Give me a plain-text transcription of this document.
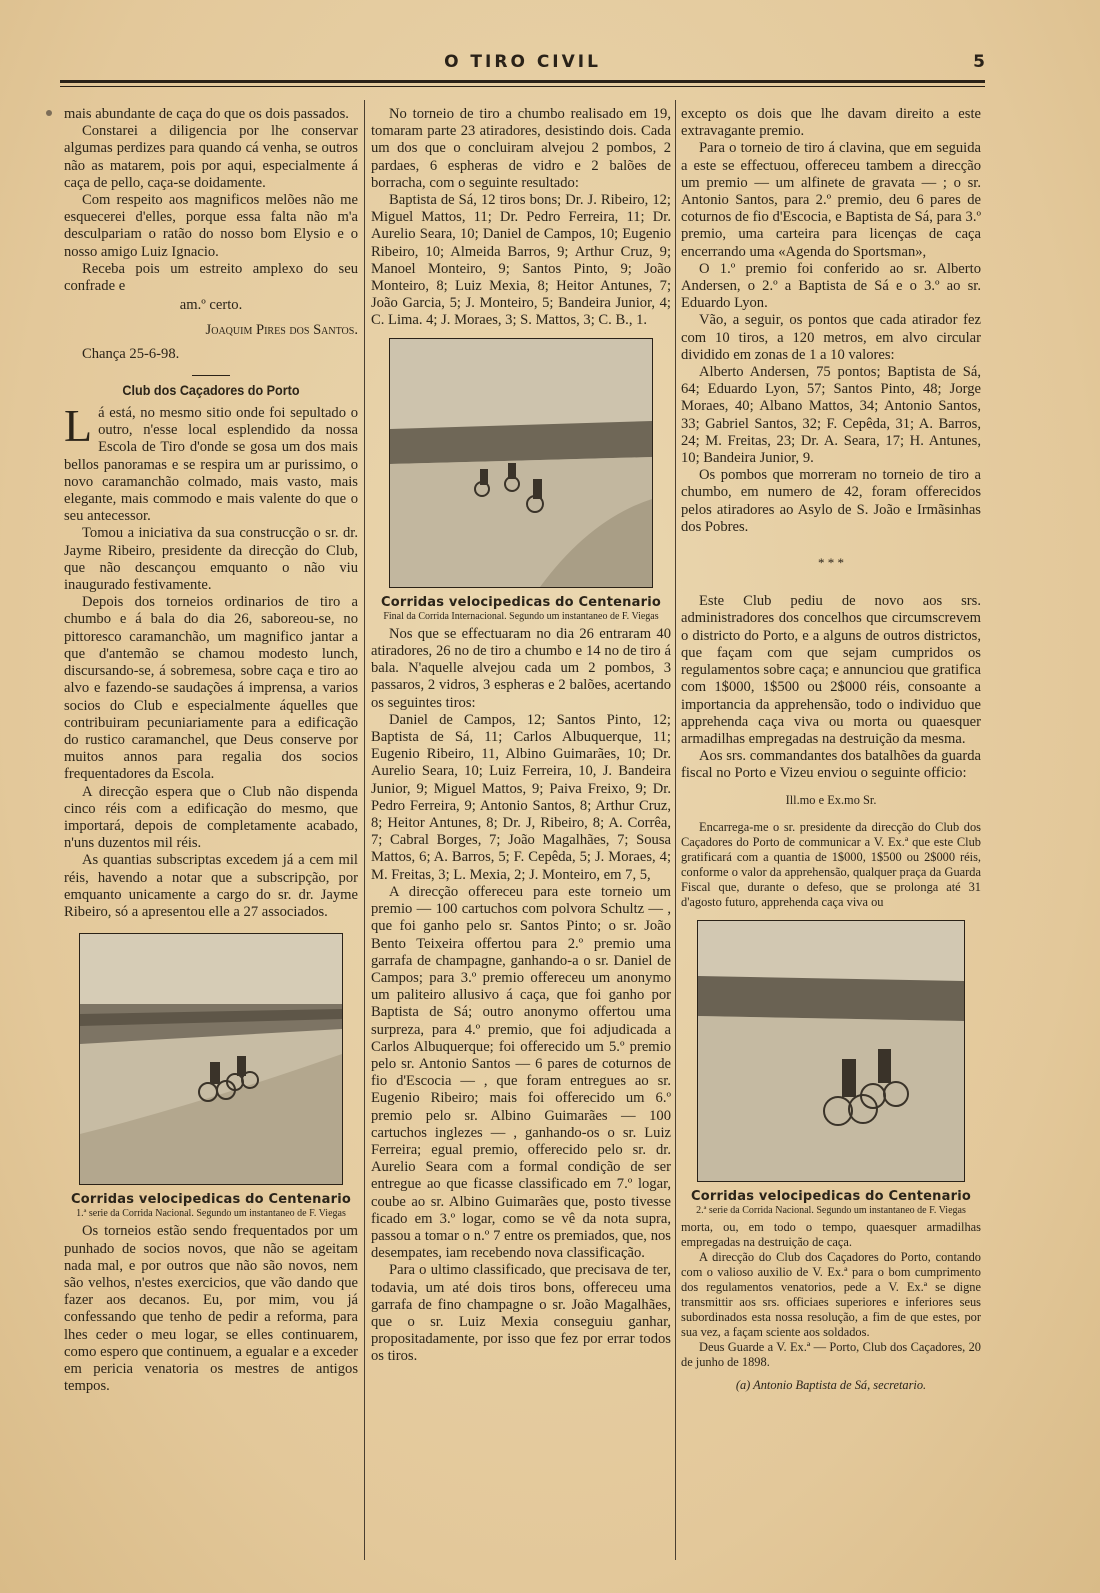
O TIRO CIVIL	5

mais abundante de caça do que os dois passados.

Constarei a diligencia por lhe conservar algumas perdizes para quando cá venha, se outros não as matarem, pois por aqui, especialmente á caça de pello, caça-se doidamente.

Com respeito aos magnificos melões não me esquecerei d'elles, porque essa falta não m'a desculpariam o ratão do nosso bom Elysio e o nosso amigo Luiz Ignacio.

Receba pois um estreito amplexo do seu confrade e

am.º certo.

Joaquim Pires dos Santos.

Chança 25-6-98.

Club dos Caçadores do Porto

Lá está, no mesmo sitio onde foi sepultado o outro, n'esse local esplendido da nossa Escola de Tiro d'onde se gosa um dos mais bellos panoramas e se respira um ar purissimo, o novo caramanchão colmado, mais vasto, mais elegante, mais commodo e mais valente do que o seu antecessor.

Tomou a iniciativa da sua construcção o sr. dr. Jayme Ribeiro, presidente da direcção do Club, que não descançou emquanto o não viu inaugurado festivamente.

Depois dos torneios ordinarios de tiro a chumbo e á bala do dia 26, saboreou-se, no pittoresco caramanchão, um magnifico jantar a que d'antemão se chamou modesto lunch, discursando-se, á sobremesa, sobre caça e tiro ao alvo e fazendo-se saudações á imprensa, a varios socios do Club e especialmente áquelles que contribuiram pecuniariamente para a edificação do rustico caramanchel, que Deus conserve por muitos annos para regalia dos socios frequentadores da Escola.

A direcção espera que o Club não dispenda cinco réis com a edificação do mesmo, que importará, depois de completamente acabado, n'uns duzentos mil réis.

As quantias subscriptas excedem já a cem mil réis, havendo a notar que a subscripção, por emquanto unicamente a cargo do sr. dr. Jayme Ribeiro, só a apresentou elle a 27 associados.

Corridas velocipedicas do Centenario
1.ª serie da Corrida Nacional. Segundo um instantaneo de F. Viegas

Os torneios estão sendo frequentados por um punhado de socios novos, que não se ageitam nada mal, e por outros que não são novos, nem são velhos, n'estes exercicios, que vão dando que fazer aos decanos. Eu, por mim, vou já confessando que tenho de pedir a reforma, para lhes ceder o meu logar, se elles continuarem, como espero que continuem, a egualar e a exceder em pericia venatoria os mestres de antigos tempos.

No torneio de tiro a chumbo realisado em 19, tomaram parte 23 atiradores, desistindo dois. Cada um dos que o concluiram alvejou 2 pombos, 2 pardaes, 6 espheras de vidro e 2 balões de borracha, com o seguinte resultado:

Baptista de Sá, 12 tiros bons; Dr. J. Ribeiro, 12; Miguel Mattos, 11; Dr. Pedro Ferreira, 11; Dr. Aurelio Seara, 10; Daniel de Campos, 10; Eugenio Ribeiro, 10; Almeida Barros, 9; Arthur Cruz, 9; Manoel Monteiro, 9; Santos Pinto, 9; João Monteiro, 8; Luiz Mexia, 8; Heitor Antunes, 7; João Garcia, 5; J. Monteiro, 5; Bandeira Junior, 4; C. Lima. 4; J. Moraes, 3; S. Mattos, 3; C. B., 1.

Corridas velocipedicas do Centenario
Final da Corrida Internacional. Segundo um instantaneo de F. Viegas

Nos que se effectuaram no dia 26 entraram 40 atiradores, 26 no de tiro a chumbo e 14 no de tiro á bala. N'aquelle alvejou cada um 2 pombos, 3 passaros, 2 vidros, 3 espheras e 2 balões, acertando os seguintes tiros:

Daniel de Campos, 12; Santos Pinto, 12; Baptista de Sá, 11; Carlos Albuquerque, 11; Eugenio Ribeiro, 11, Albino Guimarães, 10; Dr. Aurelio Seara, 10; Luiz Ferreira, 10, J. Bandeira Junior, 9; Miguel Mattos, 9; Paiva Freixo, 9; Dr. Pedro Ferreira, 9; Antonio Santos, 8; Arthur Cruz, 8; Heitor Antunes, 8; Dr. J, Ribeiro, 8; A. Corrêa, 7; Cabral Borges, 7; João Magalhães, 7; Sousa Mattos, 6; A. Barros, 5; F. Cepêda, 5; J. Moraes, 4; M. Freitas, 3; L. Mexia, 2; J. Monteiro, em 7, 5,

A direcção offereceu para este torneio um premio — 100 cartuchos com polvora Schultz — , que foi ganho pelo sr. Santos Pinto; o sr. João Bento Teixeira offertou para 2.º premio uma garrafa de champagne, ganhando-a o sr. Daniel de Campos; para 3.º premio offereceu um anonymo um paliteiro allusivo á caça, que foi ganho por Baptista de Sá; outro anonymo offertou uma surpreza, para 4.º premio, que foi adjudicada a Carlos Albuquerque; foi offerecido um 5.º premio pelo sr. Antonio Santos — 6 pares de coturnos de fio d'Escocia — , que foram entregues ao sr. Eugenio Ribeiro; mais foi offerecido um 6.º premio pelo sr. Albino Guimarães — 100 cartuchos inglezes — , ganhando-os o sr. Luiz Ferreira; egual premio, offerecido pelo sr. dr. Aurelio Seara com a formal condição de ser entregue ao que ficasse classificado em 7.º logar, coube ao sr. Albino Guimarães que, posto tivesse ficado em 3.º logar, como se vê da nota supra, passou a tomar o n.º 7 entre os premiados, que, nos desempates, iam recebendo nova classificação.

Para o ultimo classificado, que precisava de ter, todavia, um até dois tiros bons, offereceu uma garrafa de fino champagne o sr. João Magalhães, que o sr. Luiz Mexia conseguiu ganhar, propositadamente, por isso que fez por errar todos os tiros.

excepto os dois que lhe davam direito a este extravagante premio.

Para o torneio de tiro á clavina, que em seguida a este se effectuou, offereceu tambem a direcção um premio — um alfinete de gravata — ; o sr. Antonio Santos, para 2.º premio, deu 6 pares de coturnos de fio d'Escocia, e Baptista de Sá, para 3.º premio, uma carteira para licenças de caça encerrando uma «Agenda do Sportsman»,

O 1.º premio foi conferido ao sr. Alberto Andersen, o 2.º a Baptista de Sá e o 3.º ao sr. Eduardo Lyon.

Vão, a seguir, os pontos que cada atirador fez com 10 tiros, a 120 metros, em alvo circular dividido em zonas de 1 a 10 valores:

Alberto Andersen, 75 pontos; Baptista de Sá, 64; Eduardo Lyon, 57; Santos Pinto, 48; Jorge Moraes, 40; Albano Mattos, 34; Antonio Santos, 33; Gabriel Santos, 32; F. Cepêda, 31; A. Barros, 24; M. Freitas, 23; Dr. A. Seara, 17; H. Antunes, 10; Bandeira Junior, 9.

Os pombos que morreram no torneio de tiro a chumbo, em numero de 42, foram offerecidos pelos atiradores ao Asylo de S. João e Irmãsinhas dos Pobres.

* * *

Este Club pediu de novo aos srs. administradores dos concelhos que circumscrevem o districto do Porto, e a alguns de outros districtos, que façam com que sejam cumpridos os regulamentos sobre caça; e annunciou que gratifica com 1$000, 1$500 ou 2$000 réis, consoante a importancia da apprehensão, todo o individuo que apprehenda caça viva ou morta ou quaesquer armadilhas empregadas na destruição da mesma.

Aos srs. commandantes dos batalhões da guarda fiscal no Porto e Vizeu enviou o seguinte officio:

Ill.mo e Ex.mo Sr.

Encarrega-me o sr. presidente da direcção do Club dos Caçadores do Porto de communicar a V. Ex.ª que este Club gratificará com a quantia de 1$000, 1$500 ou 2$000 réis, conforme o valor da apprehensão, qualquer praça da Guarda Fiscal que, durante o defeso, que se prolonga até 31 d'agosto futuro, apprehenda caça viva ou

Corridas velocipedicas do Centenario
2.ª serie da Corrida Nacional. Segundo um instantaneo de F. Viegas

morta, ou, em todo o tempo, quaesquer armadilhas empregadas na destruição de caça.

A direcção do Club dos Caçadores do Porto, contando com o valioso auxilio de V. Ex.ª para o bom cumprimento dos regulamentos venatorios, pede a V. Ex.ª se digne transmittir aos srs. officiaes superiores e inferiores seus subordinados esta nossa resolução, a fim de que estes, por sua vez, a façam sciente aos soldados.

Deus Guarde a V. Ex.ª — Porto, Club dos Caçadores, 20 de junho de 1898.

(a) Antonio Baptista de Sá, secretario.
